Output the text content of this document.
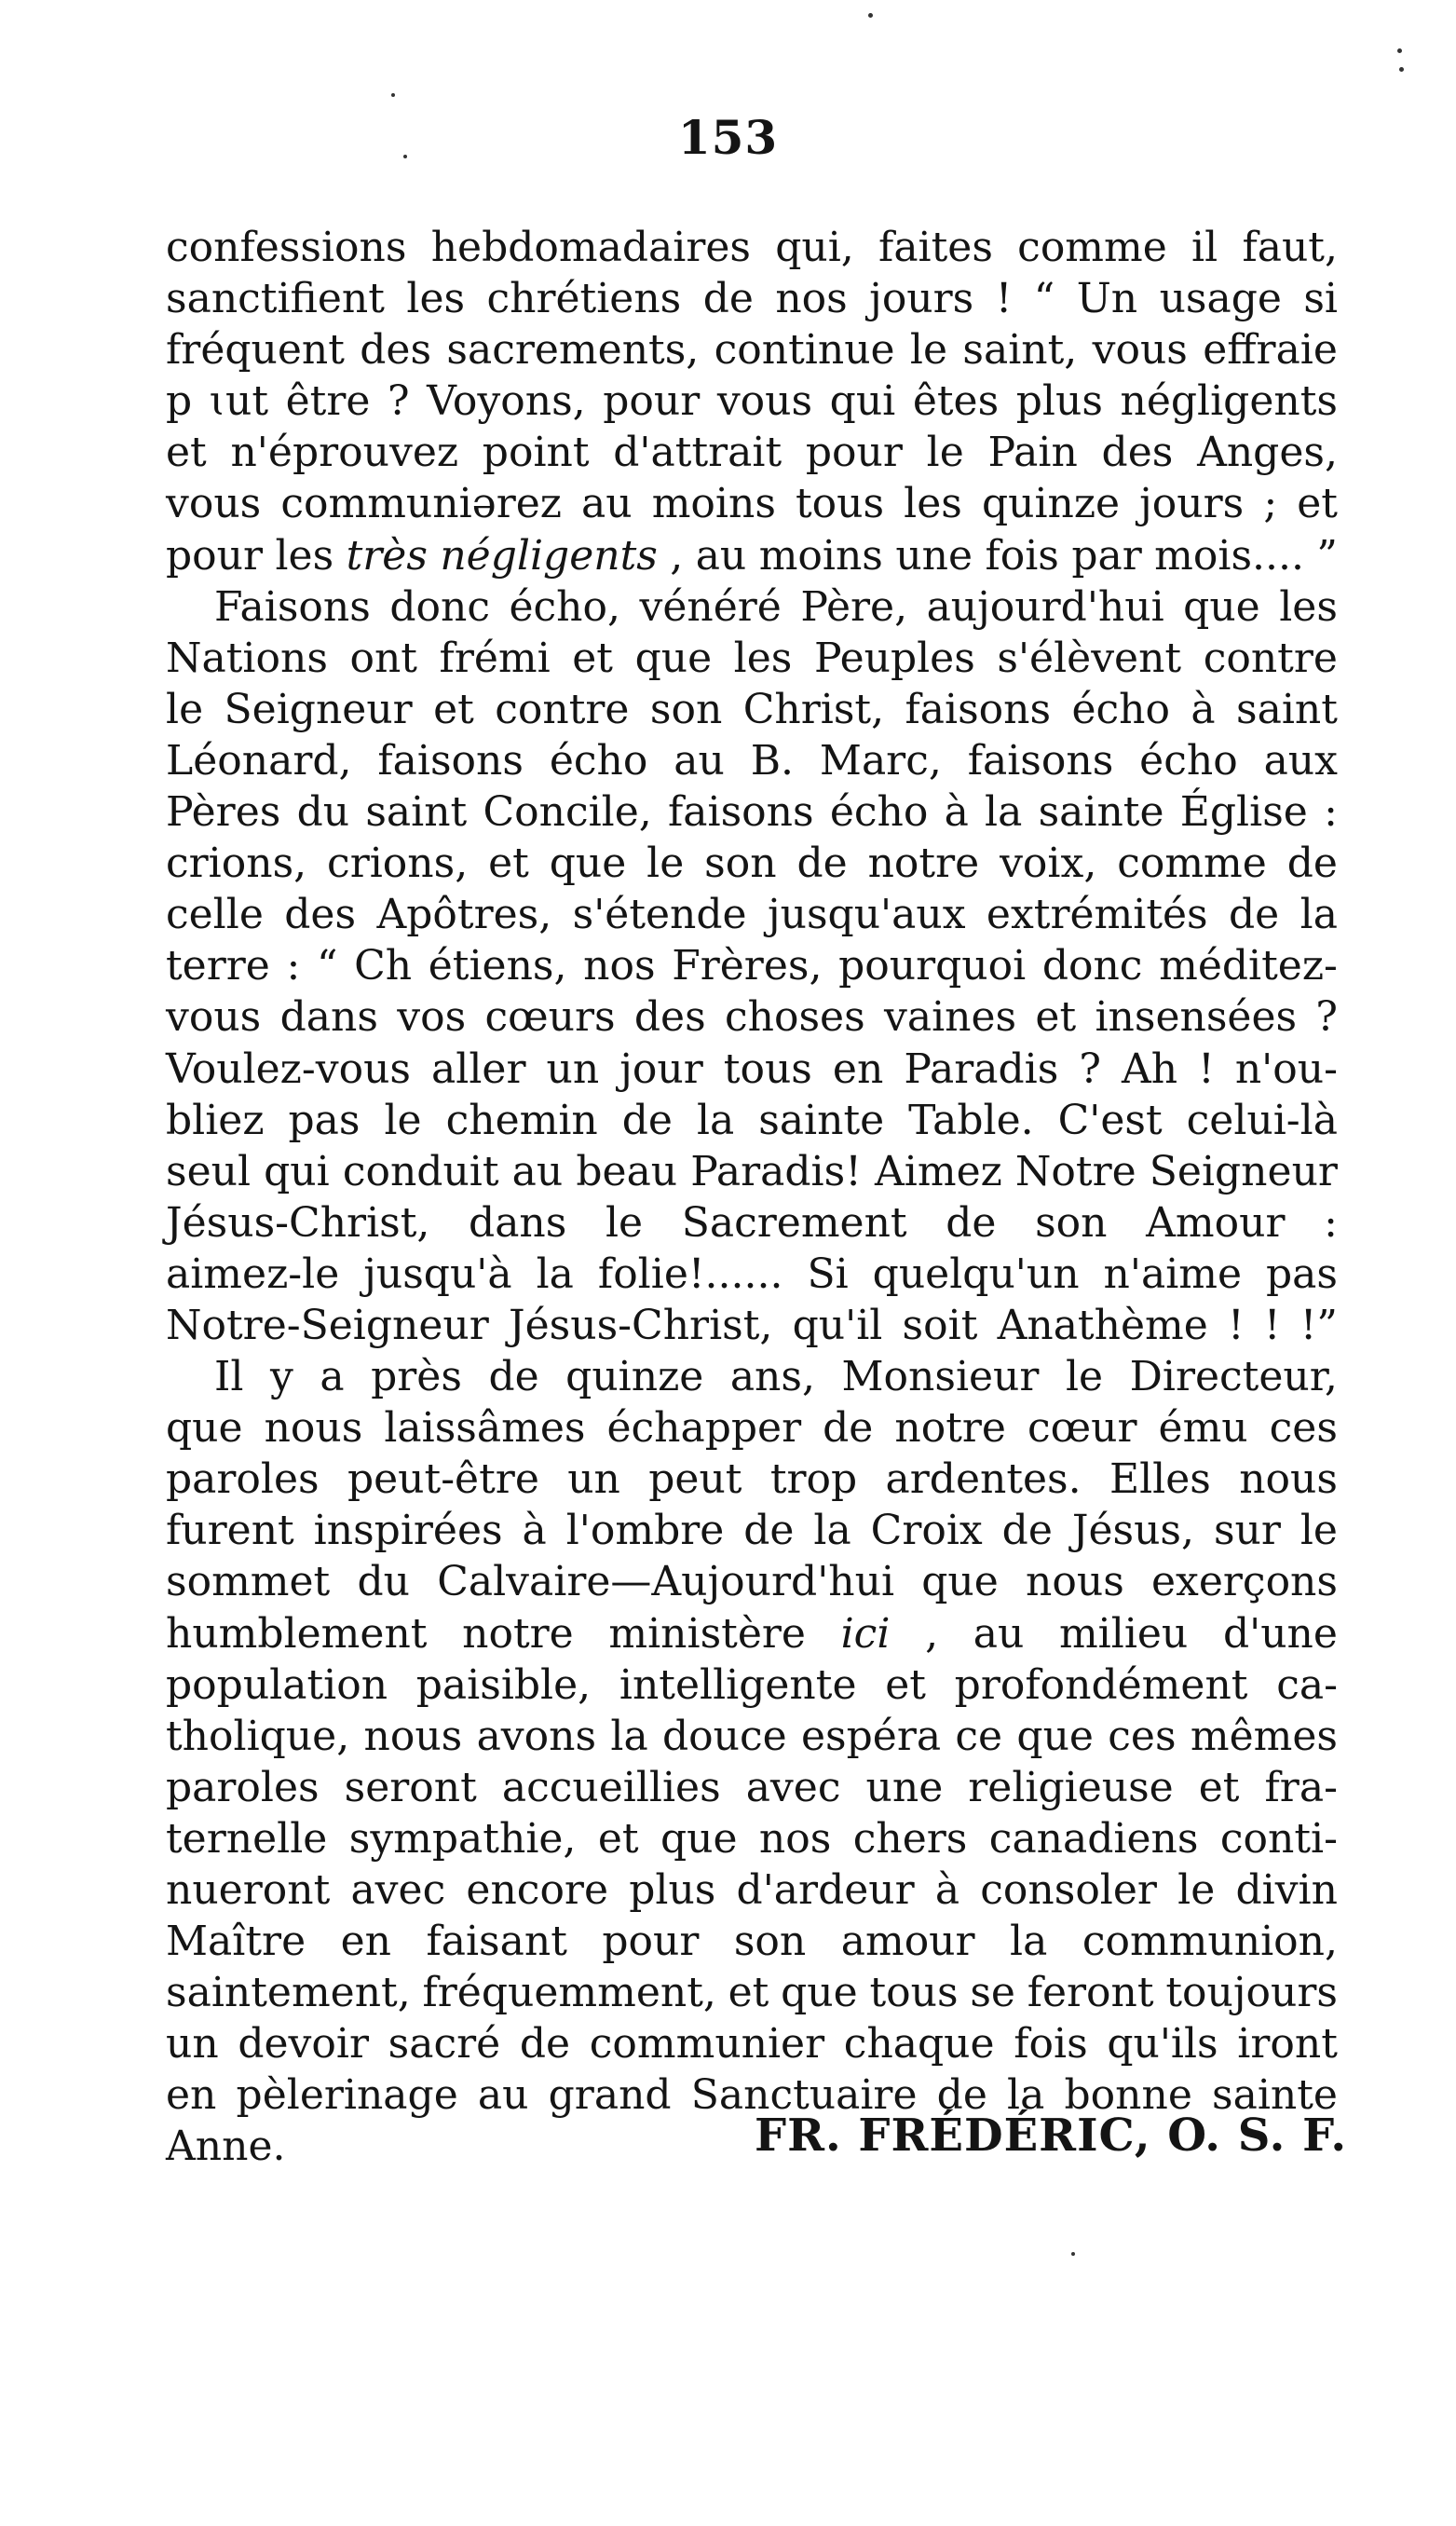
153
confessions hebdomadaires qui, faites comme il faut,
sanctifient les chrétiens de nos jours ! “ Un usage si
fréquent des sacrements, continue le saint, vous effraie
p ɩut être ? Voyons, pour vous qui êtes plus négligents
et n'éprouvez point d'attrait pour le Pain des Anges,
vous communiərez au moins tous les quinze jours ; et
pour les très négligents , au moins une fois par mois.... ”
Faisons donc écho, vénéré Père, aujourd'hui que les
Nations ont frémi et que les Peuples s'élèvent contre
le Seigneur et contre son Christ, faisons écho à saint
Léonard, faisons écho au B. Marc, faisons écho aux
Pères du saint Concile, faisons écho à la sainte Église :
crions, crions, et que le son de notre voix, comme de
celle des Apôtres, s'étende jusqu'aux extrémités de la
terre : “ Ch étiens, nos Frères, pourquoi donc méditez-
vous dans vos cœurs des choses vaines et insensées ?
Voulez-vous aller un jour tous en Paradis ? Ah ! n'ou-
bliez pas le chemin de la sainte Table. C'est celui-là
seul qui conduit au beau Paradis! Aimez Notre Seigneur
Jésus-Christ, dans le Sacrement de son Amour :
aimez-le jusqu'à la folie!...... Si quelqu'un n'aime pas
Notre-Seigneur Jésus-Christ, qu'il soit Anathème ! ! !”
Il y a près de quinze ans, Monsieur le Directeur,
que nous laissâmes échapper de notre cœur ému ces
paroles peut-être un peut trop ardentes. Elles nous
furent inspirées à l'ombre de la Croix de Jésus, sur le
sommet du Calvaire—Aujourd'hui que nous exerçons
humblement notre ministère ici , au milieu d'une
population paisible, intelligente et profondément ca-
tholique, nous avons la douce espéra ce que ces mêmes
paroles seront accueillies avec une religieuse et fra-
ternelle sympathie, et que nos chers canadiens conti-
nueront avec encore plus d'ardeur à consoler le divin
Maître en faisant pour son amour la communion,
saintement, fréquemment, et que tous se feront toujours
un devoir sacré de communier chaque fois qu'ils iront
en pèlerinage au grand Sanctuaire de la bonne sainte
Anne.	FR. FRÉDÉRIC, O. S. F.
